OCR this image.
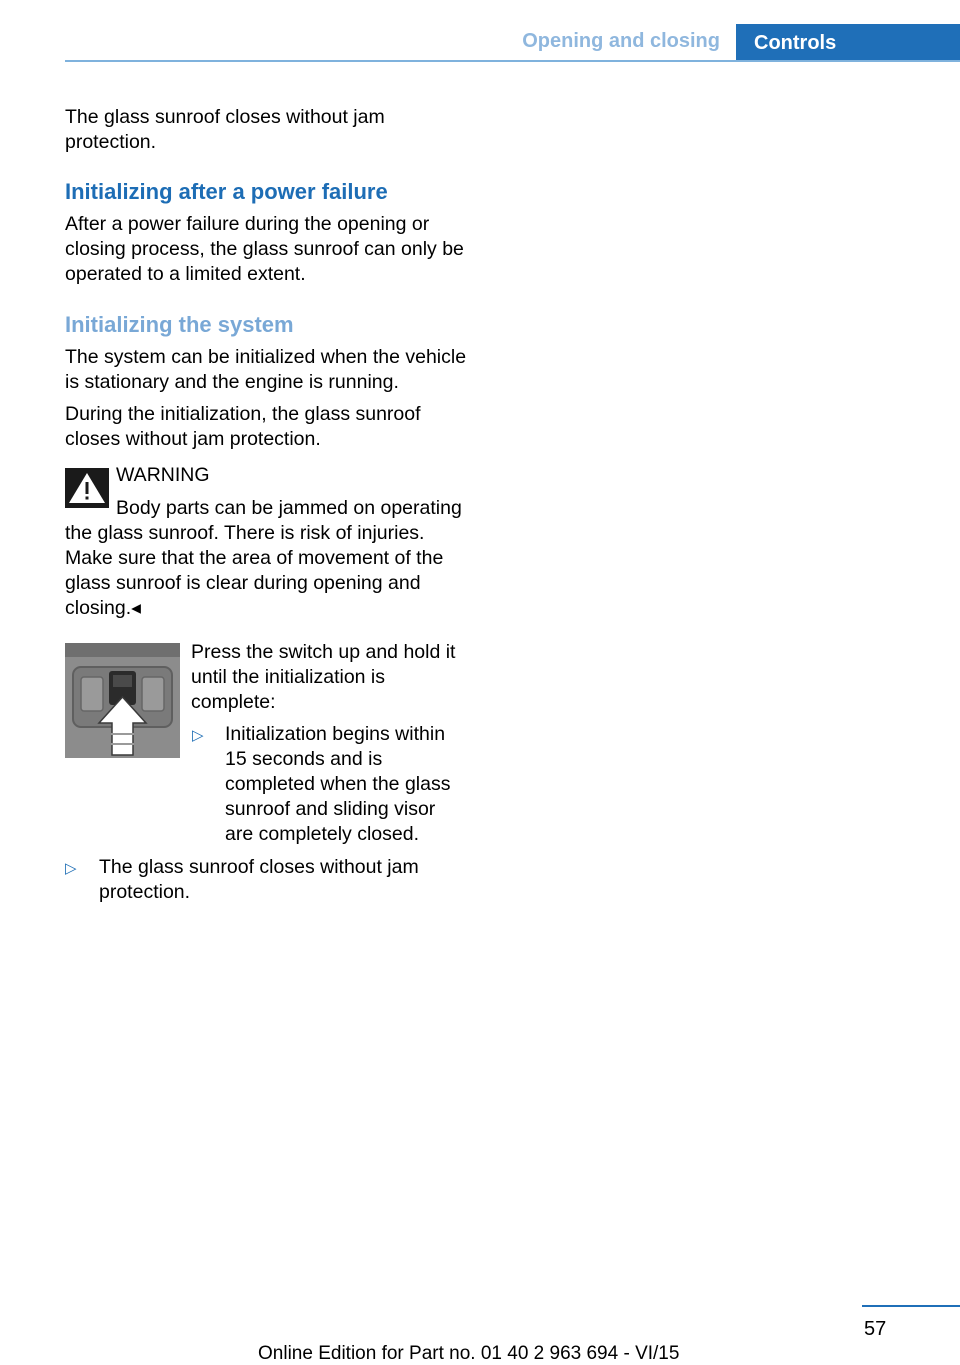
Opening and closing	Controls

The glass sunroof closes without jam protection.

Initializing after a power failure

After a power failure during the opening or closing process, the glass sunroof can only be operated to a limited extent.

Initializing the system

The system can be initialized when the vehicle is stationary and the engine is running.

During the initialization, the glass sunroof closes without jam protection.

WARNING

Body parts can be jammed on operating the glass sunroof. There is risk of injuries. Make sure that the area of movement of the glass sunroof is clear during opening and closing.◂

Press the switch up and hold it until the initialization is complete:

▷ Initialization begins within 15 seconds and is completed when the glass sunroof and sliding visor are completely closed.

▷ The glass sunroof closes without jam protection.

57
Online Edition for Part no. 01 40 2 963 694 - VI/15
